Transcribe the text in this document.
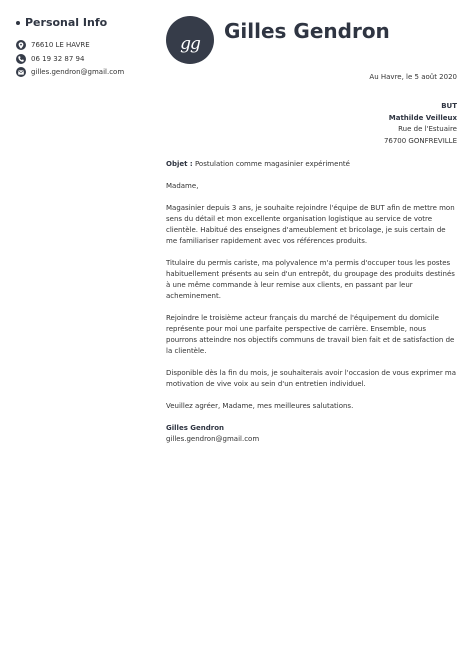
Personal Info
76610 LE HAVRE
06 19 32 87 94
gilles.gendron@gmail.com
gg
Gilles Gendron
Au Havre, le 5 août 2020
BUT
Mathilde Veilleux
Rue de l'Estuaire
76700 GONFREVILLE

Objet : Postulation comme magasinier expérimenté

Madame,

Magasinier depuis 3 ans, je souhaite rejoindre l'équipe de BUT afin de mettre mon sens du détail et mon excellente organisation logistique au service de votre clientèle. Habitué des enseignes d'ameublement et bricolage, je suis certain de me familiariser rapidement avec vos références produits.

Titulaire du permis cariste, ma polyvalence m'a permis d'occuper tous les postes habituellement présents au sein d'un entrepôt, du groupage des produits destinés à une même commande à leur remise aux clients, en passant par leur acheminement.

Rejoindre le troisième acteur français du marché de l'équipement du domicile représente pour moi une parfaite perspective de carrière. Ensemble, nous pourrons atteindre nos objectifs communs de travail bien fait et de satisfaction de la clientèle.

Disponible dès la fin du mois, je souhaiterais avoir l'occasion de vous exprimer ma motivation de vive voix au sein d'un entretien individuel.

Veuillez agréer, Madame, mes meilleures salutations.

Gilles Gendron

gilles.gendron@gmail.com
